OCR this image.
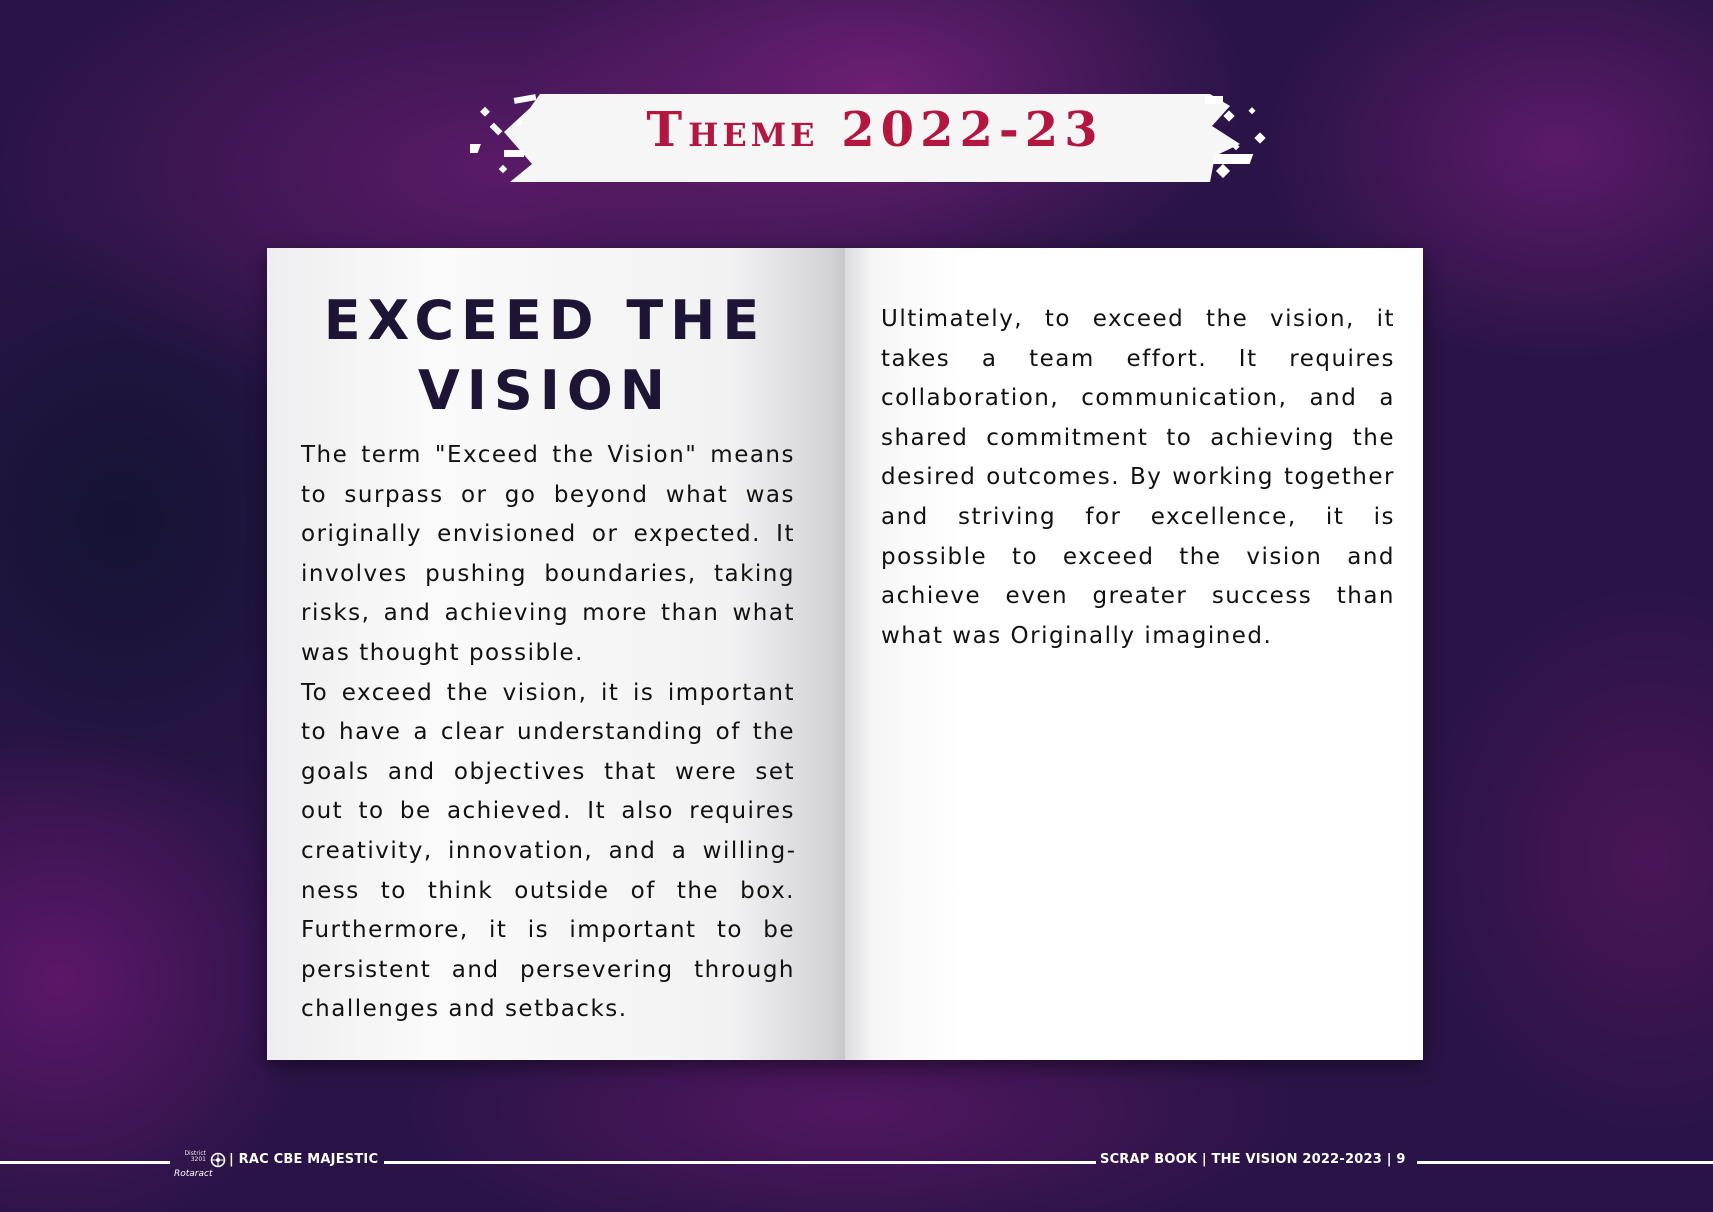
THEME 2022-23
EXCEED THE
VISION

The term "Exceed the Vision" means to surpass or go beyond what was originally envisioned or expected. It involves pushing boundaries, taking risks, and achieving more than what was thought possible.

To exceed the vision, it is important to have a clear understanding of the goals and objectives that were set out to be achieved. It also requires creativity, innovation, and a willingness to think outside of the box. Furthermore, it is important to be persistent and persevering through challenges and setbacks.

Ultimately, to exceed the vision, it takes a team effort. It requires collaboration, communication, and a shared commitment to achieving the desired outcomes. By working together and striving for excellence, it is possible to exceed the vision and achieve even greater success than what was Originally imagined.

District 3201
Rotaract
| RAC CBE MAJESTIC	SCRAP BOOK | THE VISION 2022-2023 | 9
